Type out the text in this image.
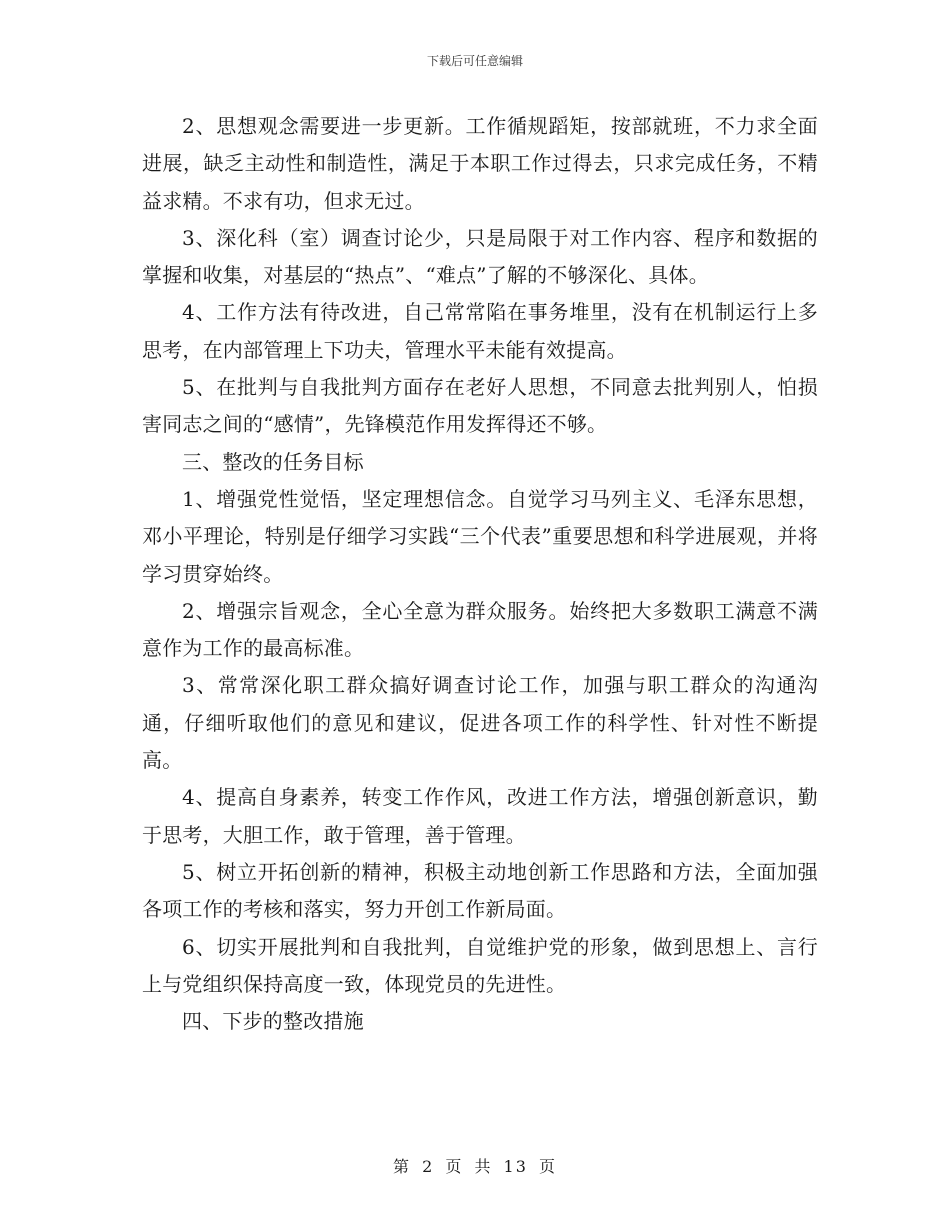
下载后可任意编辑

2、思想观念需要进一步更新。工作循规蹈矩，按部就班，不力求全面进展，缺乏主动性和制造性，满足于本职工作过得去，只求完成任务，不精益求精。不求有功，但求无过。

3、深化科（室）调查讨论少，只是局限于对工作内容、程序和数据的掌握和收集，对基层的“热点”、“难点”了解的不够深化、具体。

4、工作方法有待改进，自己常常陷在事务堆里，没有在机制运行上多思考，在内部管理上下功夫，管理水平未能有效提高。

5、在批判与自我批判方面存在老好人思想，不同意去批判别人，怕损害同志之间的“感情”，先锋模范作用发挥得还不够。

三、整改的任务目标

1、增强党性觉悟，坚定理想信念。自觉学习马列主义、毛泽东思想，邓小平理论，特别是仔细学习实践“三个代表”重要思想和科学进展观，并将学习贯穿始终。

2、增强宗旨观念，全心全意为群众服务。始终把大多数职工满意不满意作为工作的最高标准。

3、常常深化职工群众搞好调查讨论工作，加强与职工群众的沟通沟通，仔细听取他们的意见和建议，促进各项工作的科学性、针对性不断提高。

4、提高自身素养，转变工作作风，改进工作方法，增强创新意识，勤于思考，大胆工作，敢于管理，善于管理。

5、树立开拓创新的精神，积极主动地创新工作思路和方法，全面加强各项工作的考核和落实，努力开创工作新局面。

6、切实开展批判和自我批判，自觉维护党的形象，做到思想上、言行上与党组织保持高度一致，体现党员的先进性。

四、下步的整改措施

第 2 页 共 13 页
